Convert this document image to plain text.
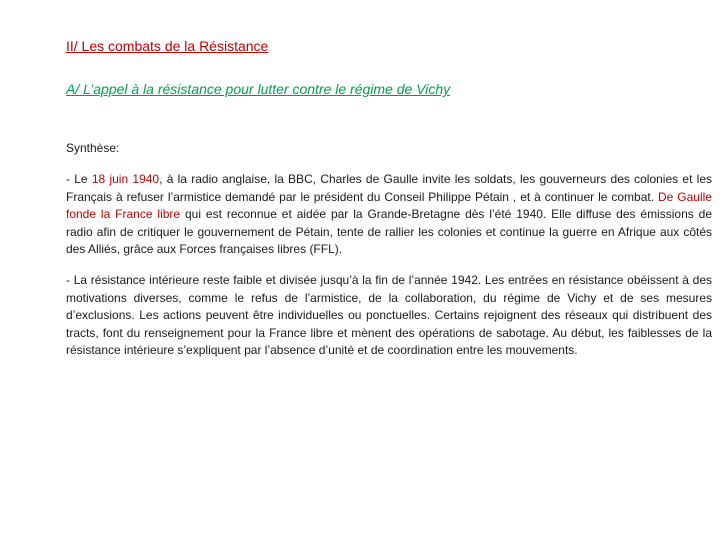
II/ Les combats de la Résistance
A/ L’appel à la résistance pour lutter contre le régime de Vichy
Synthèse:
- Le 18 juin 1940, à la radio anglaise, la BBC, Charles de Gaulle invite les soldats, les gouverneurs des colonies et les Français à refuser l’armistice demandé par le président du Conseil Philippe Pétain , et à continuer le combat. De Gaulle fonde la France libre qui est reconnue et aidée par la Grande-Bretagne dès l’été 1940. Elle diffuse des émissions de radio afin de critiquer le gouvernement de Pétain, tente de rallier les colonies et continue la guerre en Afrique aux côtés des Alliés, grâce aux Forces françaises libres (FFL).
- La résistance intérieure reste faible et divisée jusqu’à la fin de l’année 1942. Les entrées en résistance obéissent à des motivations diverses, comme le refus de l’armistice, de la collaboration, du régime de Vichy et de ses mesures d’exclusions. Les actions peuvent être individuelles ou ponctuelles. Certains rejoignent des réseaux qui distribuent des tracts, font du renseignement pour la France libre et mènent des opérations de sabotage. Au début, les faiblesses de la résistance intérieure s’expliquent par l’absence d’unité et de coordination entre les mouvements.
